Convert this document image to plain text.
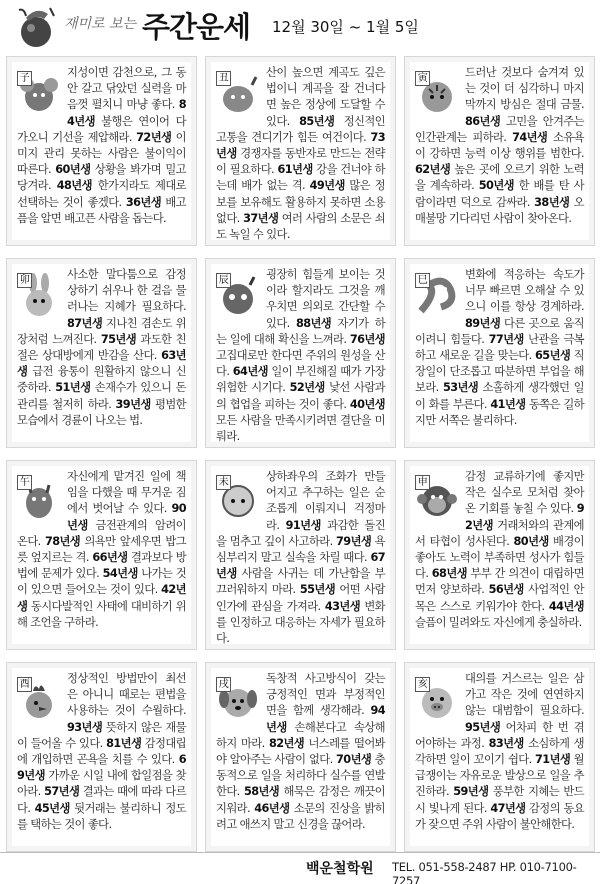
재미로 보는 주간운세 12월 30일 ~ 1월 5일
子	지성이면 감천으로, 그 동안 갈고 닦았던 실력을 마음껏 펼치니 마냥 좋다. 84년생 불행은 연이어 다가오니 기선을 제압해라. 72년생 이미지 관리 못하는 사람은 불이익이 따른다. 60년생 상황을 봐가며 밀고 당겨라. 48년생 한가지라도 제대로 선택하는 것이 좋겠다. 36년생 배고픔을 알면 배고픈 사람을 돕는다.
丑	산이 높으면 계곡도 깊은 법이니 계곡을 잘 건너다 면 높은 정상에 도달할 수 있다. 85년생 정신적인 고통을 견디기가 힘든 여건이다. 73년생 경쟁자를 동반자로 만드는 전략이 필요하다. 61년생 강을 건너야 하는데 배가 없는 격. 49년생 많은 정보를 보유해도 활용하지 못하면 소용없다. 37년생 여러 사람의 소문은 쇠도 녹일 수 있다.
寅	드러난 것보다 숨겨져 있는 것이 더 심각하니 마지막까지 방심은 절대 금물. 86년생 고민을 안겨주는 인간관계는 피하라. 74년생 소유욕이 강하면 능력 이상 행위를 범한다. 62년생 높은 곳에 오르기 위한 노력을 계속하라. 50년생 한 배를 탄 사람이라면 덕으로 감싸라. 38년생 오매불망 기다리던 사람이 찾아온다.
卯	사소한 말다툼으로 감정 상하기 쉬우나 한 걸음 물러나는 지혜가 필요하다. 87년생 지나친 겸손도 위장처럼 느껴진다. 75년생 과도한 친절은 상대방에게 반감을 산다. 63년생 급전 융통이 원활하지 않으니 신중하라. 51년생 손재수가 있으니 돈 관리를 철저히 하라. 39년생 평범한 모습에서 경륜이 나오는 법.
辰	굉장히 힘들게 보이는 것이라 할지라도 그것을 깨우치면 의외로 간단할 수 있다. 88년생 자기가 하는 일에 대해 확신을 느껴라. 76년생 고집대로만 한다면 주위의 원성을 산다. 64년생 일이 부진해질 때가 가장 위험한 시기다. 52년생 낯선 사람과의 협업을 피하는 것이 좋다. 40년생 모든 사람을 만족시키려면 결단을 미뤄라.
巳	변화에 적응하는 속도가 너무 빠르면 오해살 수 있으니 이를 항상 경계하라. 89년생 다른 곳으로 움직이려니 힘들다. 77년생 난관을 극복하고 새로운 길을 맞는다. 65년생 직장일이 단조롭고 따분하면 부업을 해보라. 53년생 소홀하게 생각했던 일이 화를 부른다. 41년생 동쪽은 길하지만 서쪽은 불리하다.
午	자신에게 맡겨진 일에 책임을 다했을 때 무거운 짐에서 벗어날 수 있다. 90년생 금전관계의 암려이 온다. 78년생 의욕만 앞세우면 밥그릇 엎지르는 격. 66년생 결과보다 방법에 문제가 있다. 54년생 나가는 것이 있으면 들어오는 것이 있다. 42년생 동시다발적인 사태에 대비하기 위해 조언을 구하라.
未	상하좌우의 조화가 만들어지고 추구하는 일은 순조롭게 이뤄지니 걱정마라. 91년생 과감한 돌진을 멈추고 깊이 사고하라. 79년생 욕심부리지 말고 실속을 차릴 때다. 67년생 사람을 사귀는 데 가난함을 부끄러워하지 마라. 55년생 어떤 사람인가에 관심을 가져라. 43년생 변화를 인정하고 대응하는 자세가 필요하다.
申	감정 교류하기에 좋지만 작은 실수로 모처럼 찾아온 기회를 놓칠 수 있다. 92년생 거래처와의 관계에서 타협이 성사된다. 80년생 배경이 좋아도 노력이 부족하면 성사가 힘들다. 68년생 부부 간 의견이 대립하면 먼저 양보하라. 56년생 사업적인 안목은 스스로 키워가야 한다. 44년생 슬픔이 밀려와도 자신에게 충실하라.
酉	정상적인 방법만이 최선은 아니니 때로는 편법을 사용하는 것이 수월하다. 93년생 뜻하지 않은 재물이 들어올 수 있다. 81년생 감정대립에 개입하면 곤욕을 치를 수 있다. 69년생 가까운 시일 내에 합일점을 찾아라. 57년생 결과는 때에 따라 다르다. 45년생 뒷거래는 불리하니 정도를 택하는 것이 좋다.
戌	독창적 사고방식이 갖는 긍정적인 면과 부정적인 면을 함께 생각해라. 94년생 손해본다고 속상해하지 마라. 82년생 너스레를 떨어봐야 알아주는 사람이 없다. 70년생 충동적으로 일을 처리하다 실수를 연발한다. 58년생 해묵은 감정은 깨끗이 지워라. 46년생 소문의 진상을 밝히려고 애쓰지 말고 신경을 끊어라.
亥	대의를 거스르는 일은 삼가고 작은 것에 연연하지 않는 대범함이 필요하다. 95년생 어차피 한 번 겪어야하는 과정. 83년생 소심하게 생각하면 일이 꼬이기 쉽다. 71년생 월급쟁이는 자유로운 발상으로 일을 추진하라. 59년생 풍부한 지혜는 반드시 빛나게 된다. 47년생 감정의 동요가 잦으면 주위 사람이 불안해한다.
백운철학원 TEL. 051-558-2487 HP. 010-7100-7257
